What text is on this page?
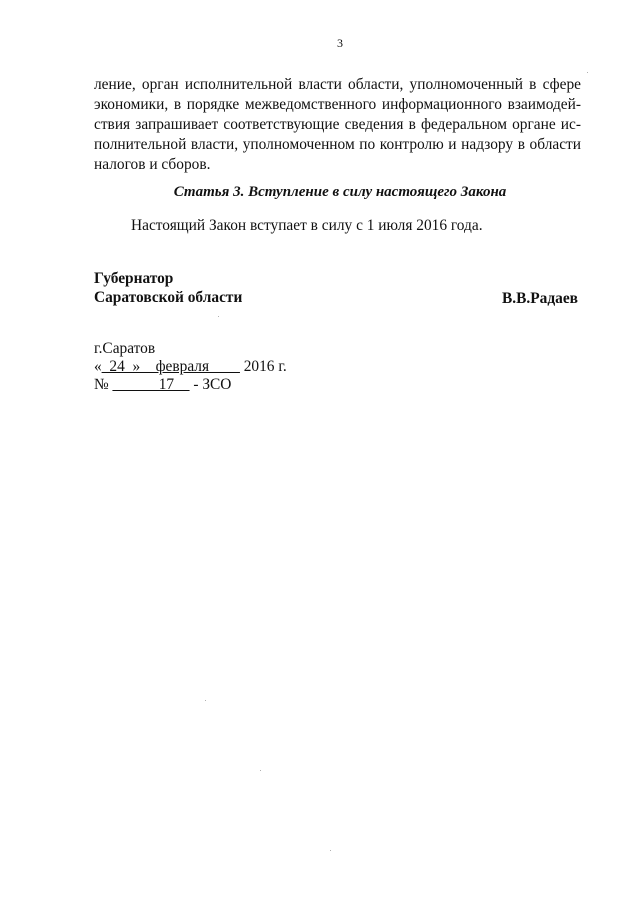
3
ление, орган исполнительной власти области, уполномоченный в сфере
экономики, в порядке межведомственного информационного взаимодей-
ствия запрашивает соответствующие сведения в федеральном органе ис-
полнительной власти, уполномоченном по контролю и надзору в области
налогов и сборов.
Статья 3. Вступление в силу настоящего Закона
Настоящий Закон вступает в силу с 1 июля 2016 года.
Губернатор
Саратовской области	В.В.Радаев
г.Саратов
«_24_»__февраля____ 2016 г.
№ ______17__ - ЗСО
